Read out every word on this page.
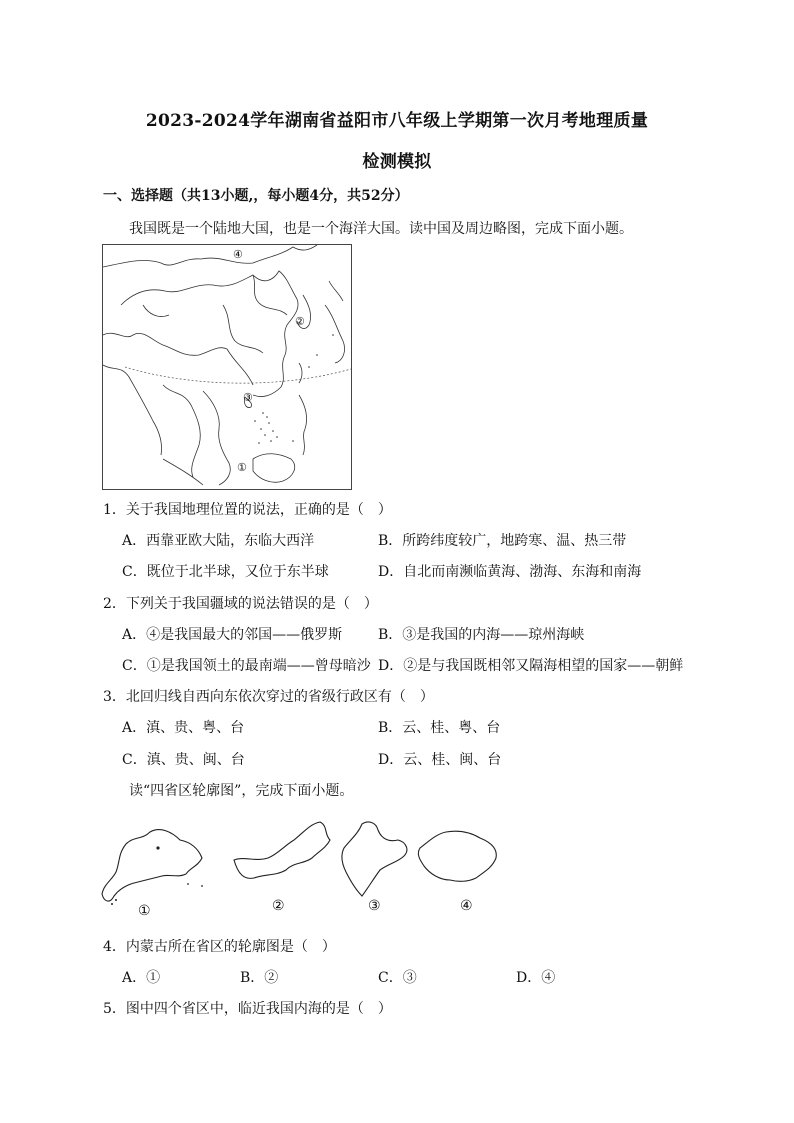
2023-2024学年湖南省益阳市八年级上学期第一次月考地理质量
检测模拟
一、选择题（共13小题,，每小题4分，共52分）
我国既是一个陆地大国，也是一个海洋大国。读中国及周边略图，完成下面小题。
④
②
③
①
1．关于我国地理位置的说法，正确的是（　）
A．西靠亚欧大陆，东临大西洋	B．所跨纬度较广，地跨寒、温、热三带
C．既位于北半球，又位于东半球	D．自北而南濒临黄海、渤海、东海和南海
2．下列关于我国疆域的说法错误的是（　）
A．④是我国最大的邻国——俄罗斯	B．③是我国的内海——琼州海峡
C．①是我国领土的最南端——曾母暗沙 D．②是与我国既相邻又隔海相望的国家——朝鲜
3．北回归线自西向东依次穿过的省级行政区有（　）
A．滇、贵、粤、台	B．云、桂、粤、台
C．滇、贵、闽、台	D．云、桂、闽、台
读“四省区轮廓图”，完成下面小题。
①	②	③	④
4．内蒙古所在省区的轮廓图是（　）
A．①	B．②	C．③	D．④
5．图中四个省区中，临近我国内海的是（　）
